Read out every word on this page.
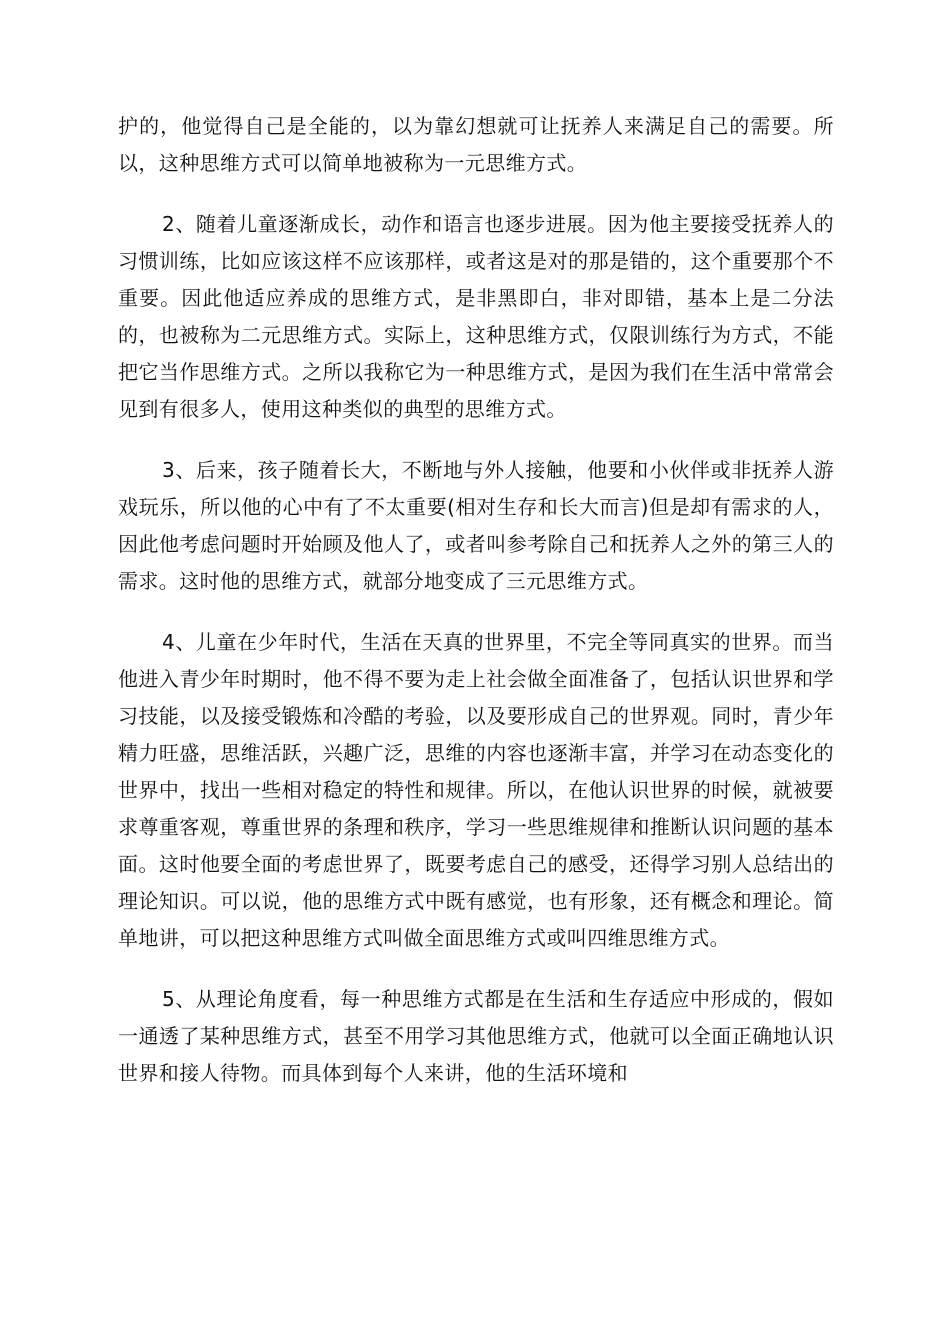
护的，他觉得自己是全能的，以为靠幻想就可让抚养人来满足自己的需要。所以，这种思维方式可以简单地被称为一元思维方式。

2、随着儿童逐渐成长，动作和语言也逐步进展。因为他主要接受抚养人的习惯训练，比如应该这样不应该那样，或者这是对的那是错的，这个重要那个不重要。因此他适应养成的思维方式，是非黑即白，非对即错，基本上是二分法的，也被称为二元思维方式。实际上，这种思维方式，仅限训练行为方式，不能把它当作思维方式。之所以我称它为一种思维方式，是因为我们在生活中常常会见到有很多人，使用这种类似的典型的思维方式。

3、后来，孩子随着长大，不断地与外人接触，他要和小伙伴或非抚养人游戏玩乐，所以他的心中有了不太重要(相对生存和长大而言)但是却有需求的人，因此他考虑问题时开始顾及他人了，或者叫参考除自己和抚养人之外的第三人的需求。这时他的思维方式，就部分地变成了三元思维方式。

4、儿童在少年时代，生活在天真的世界里，不完全等同真实的世界。而当他进入青少年时期时，他不得不要为走上社会做全面准备了，包括认识世界和学习技能，以及接受锻炼和冷酷的考验，以及要形成自己的世界观。同时，青少年精力旺盛，思维活跃，兴趣广泛，思维的内容也逐渐丰富，并学习在动态变化的世界中，找出一些相对稳定的特性和规律。所以，在他认识世界的时候，就被要求尊重客观，尊重世界的条理和秩序，学习一些思维规律和推断认识问题的基本面。这时他要全面的考虑世界了，既要考虑自己的感受，还得学习别人总结出的理论知识。可以说，他的思维方式中既有感觉，也有形象，还有概念和理论。简单地讲，可以把这种思维方式叫做全面思维方式或叫四维思维方式。

5、从理论角度看，每一种思维方式都是在生活和生存适应中形成的，假如一通透了某种思维方式，甚至不用学习其他思维方式，他就可以全面正确地认识世界和接人待物。而具体到每个人来讲，他的生活环境和
